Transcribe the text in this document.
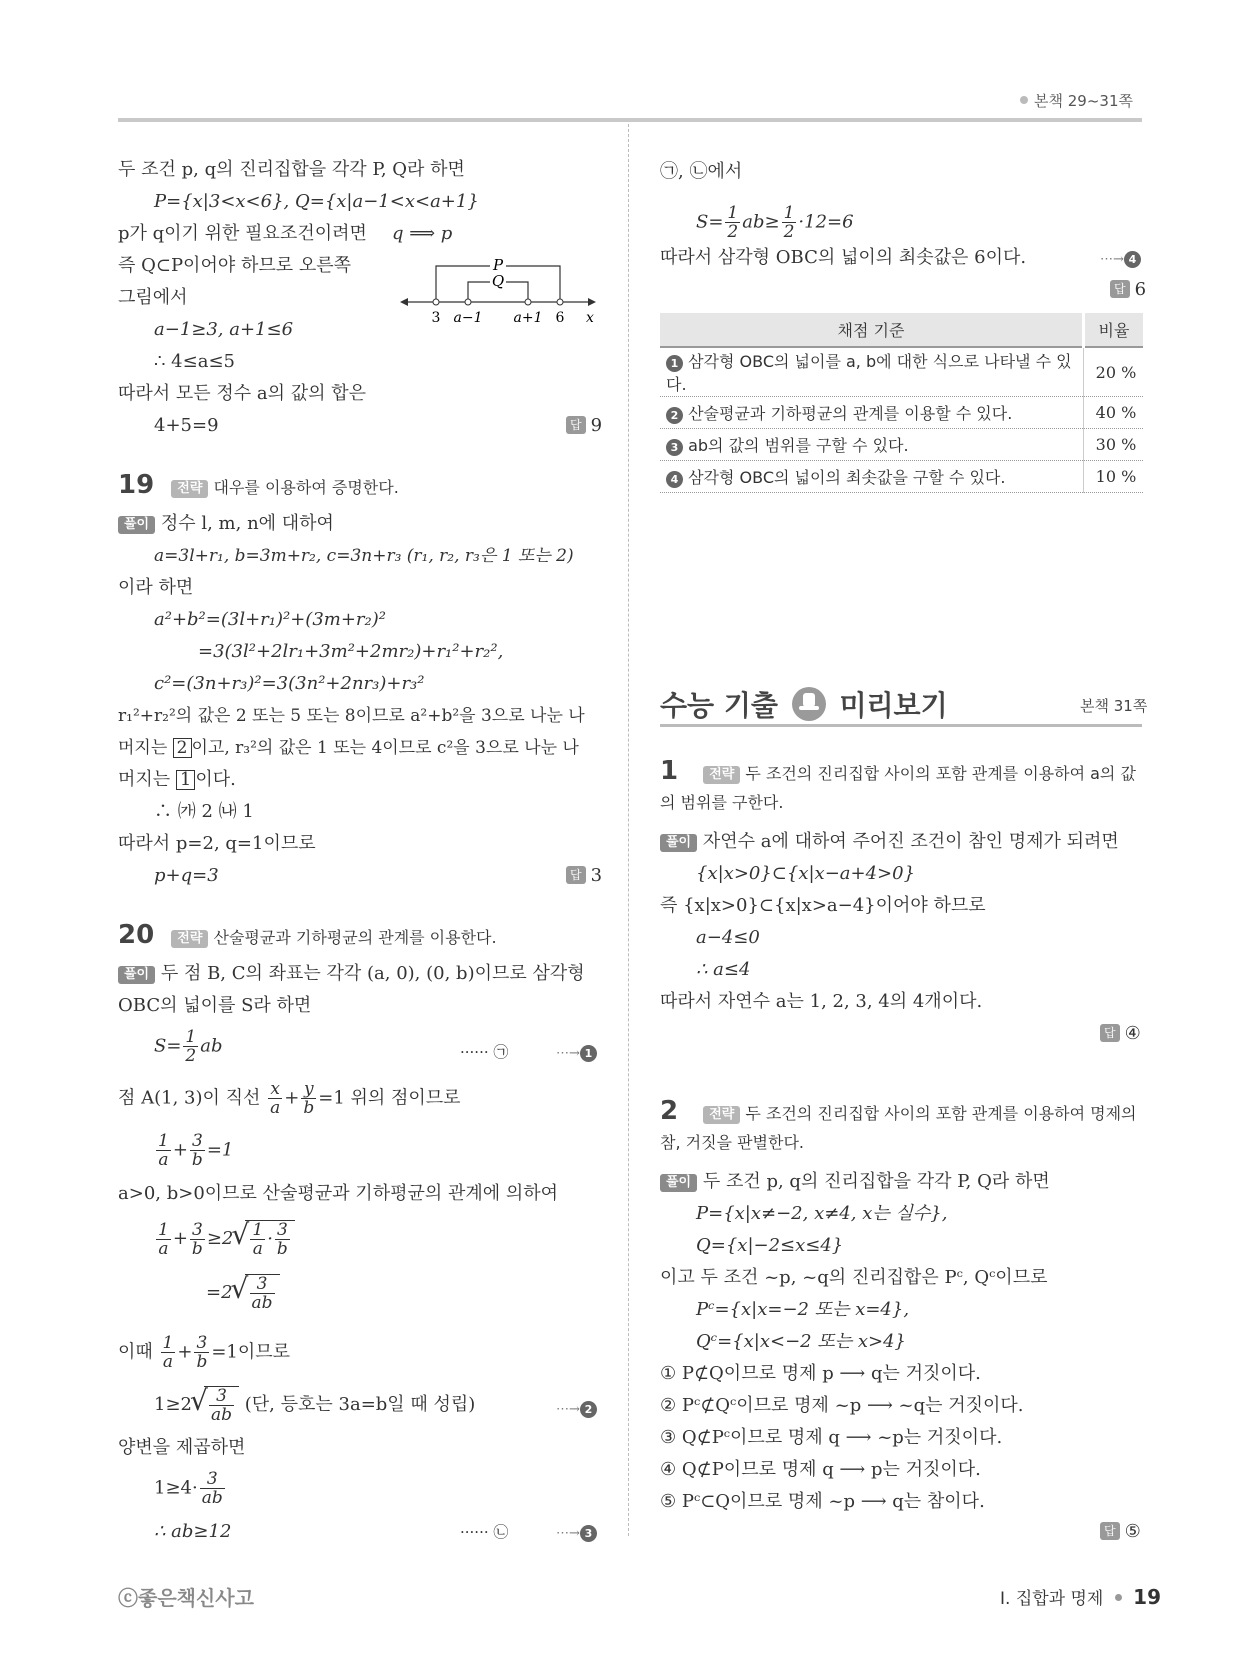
본책 29~31쪽
두 조건 p, q의 진리집합을 각각 P, Q라 하면
P={x|3<x<6}, Q={x|a−1<x<a+1}
p가 q이기 위한 필요조건이려면 q ⟹ p
즉 Q⊂P이어야 하므로 오른쪽
그림에서
a−1≥3, a+1≤6
∴ 4≤a≤5
따라서 모든 정수 a의 값의 합은
4+5=9	답 9
P
Q
3 a−1 a+1 6 x
19 전략 대우를 이용하여 증명한다.
풀이 정수 l, m, n에 대하여
a=3l+r₁, b=3m+r₂, c=3n+r₃ (r₁, r₂, r₃은 1 또는 2)
이라 하면
a²+b²=(3l+r₁)²+(3m+r₂)²
=3(3l²+2lr₁+3m²+2mr₂)+r₁²+r₂²,
c²=(3n+r₃)²=3(3n²+2nr₃)+r₃²
r₁²+r₂²의 값은 2 또는 5 또는 8이므로 a²+b²을 3으로 나눈 나
머지는 2 이고, r₃²의 값은 1 또는 4이므로 c²을 3으로 나눈 나
머지는 1 이다.
∴ ㈎ 2 ㈏ 1
따라서 p=2, q=1이므로
p+q=3	답 3
20 전략 산술평균과 기하평균의 관계를 이용한다.
풀이 두 점 B, C의 좌표는 각각 (a, 0), (0, b)이므로 삼각형
OBC의 넓이를 S라 하면
$S= \frac{1}{2}$ ab	······ ㉠	⋯→ 1
점 A(1, 3)이 직선 $\frac{x}{a} + \frac{y}{b} =1$ 위의 점이므로
$\frac{1}{a} + \frac{3}{b} =1$
a>0, b>0이므로 산술평균과 기하평균의 관계에 의하여
$\frac{1}{a} + \frac{3}{b} \ge 2$ √ $\frac{1}{a} \cdot \frac{3}{b}$
=2 √ $\frac{3}{ab}$
이때 $\frac{1}{a} + \frac{3}{b} =1$이므로
1≥2 √ $\frac{3}{ab}$ (단, 등호는 3a=b일 때 성립)	⋯→ 2
양변을 제곱하면
$1\ge 4\cdot \frac{3}{ab}$
∴ ab≥12	······ ㉡	⋯→ 3
㉠, ㉡에서
$S= \frac{1}{2} ab\ge \frac{1}{2} \cdot 12=6$
따라서 삼각형 OBC의 넓이의 최솟값은 6이다.	⋯→ 4
답 6
채점 기준	비율
1 삼각형 OBC의 넓이를 a, b에 대한 식으로 나타낼 수 있다.	20 %
2 산술평균과 기하평균의 관계를 이용할 수 있다.	40 %
3 ab의 값의 범위를 구할 수 있다.	30 %
4 삼각형 OBC의 넓이의 최솟값을 구할 수 있다.	10 %
수능 기출 미리보기	본책 31쪽
1 전략 두 조건의 진리집합 사이의 포함 관계를 이용하여 a의 값
의 범위를 구한다.
풀이 자연수 a에 대하여 주어진 조건이 참인 명제가 되려면
{x|x>0}⊂{x|x−a+4>0}
즉 {x|x>0}⊂{x|x>a−4}이어야 하므로
a−4≤0
∴ a≤4
따라서 자연수 a는 1, 2, 3, 4의 4개이다.
답 ④
2 전략 두 조건의 진리집합 사이의 포함 관계를 이용하여 명제의
참, 거짓을 판별한다.
풀이 두 조건 p, q의 진리집합을 각각 P, Q라 하면
P={x|x≠−2, x≠4, x는 실수},
Q={x|−2≤x≤4}
이고 두 조건 ~p, ~q의 진리집합은 Pᶜ, Qᶜ이므로
Pᶜ={x|x=−2 또는 x=4},
Qᶜ={x|x<−2 또는 x>4}
① P⊄Q이므로 명제 p ⟶ q는 거짓이다.
② Pᶜ⊄Qᶜ이므로 명제 ~p ⟶ ~q는 거짓이다.
③ Q⊄Pᶜ이므로 명제 q ⟶ ~p는 거짓이다.
④ Q⊄P이므로 명제 q ⟶ p는 거짓이다.
⑤ Pᶜ⊂Q이므로 명제 ~p ⟶ q는 참이다.
답 ⑤
ⓒ좋은책신사고	Ⅰ. 집합과 명제 19
